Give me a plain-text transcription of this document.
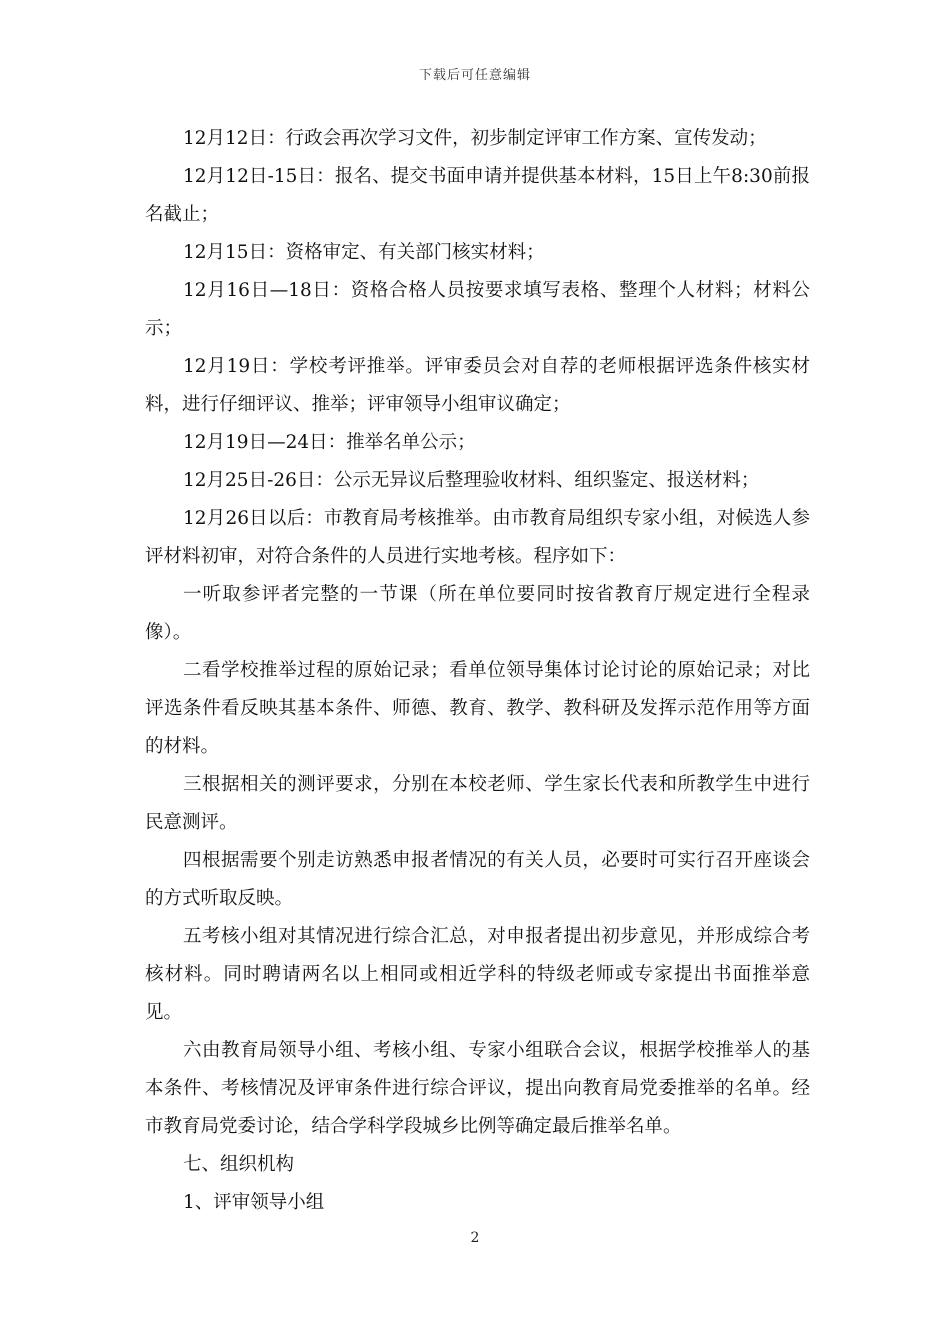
下载后可任意编辑

12月12日：行政会再次学习文件，初步制定评审工作方案、宣传发动；

12月12日-15日：报名、提交书面申请并提供基本材料，15日上午8:30前报名截止；

12月15日：资格审定、有关部门核实材料；

12月16日—18日：资格合格人员按要求填写表格、整理个人材料；材料公示；

12月19日：学校考评推举。评审委员会对自荐的老师根据评选条件核实材料，进行仔细评议、推举；评审领导小组审议确定；

12月19日—24日：推举名单公示；

12月25日-26日：公示无异议后整理验收材料、组织鉴定、报送材料；

12月26日以后：市教育局考核推举。由市教育局组织专家小组，对候选人参评材料初审，对符合条件的人员进行实地考核。程序如下：

一听取参评者完整的一节课（所在单位要同时按省教育厅规定进行全程录像）。

二看学校推举过程的原始记录；看单位领导集体讨论讨论的原始记录；对比评选条件看反映其基本条件、师德、教育、教学、教科研及发挥示范作用等方面的材料。

三根据相关的测评要求，分别在本校老师、学生家长代表和所教学生中进行民意测评。

四根据需要个别走访熟悉申报者情况的有关人员，必要时可实行召开座谈会的方式听取反映。

五考核小组对其情况进行综合汇总，对申报者提出初步意见，并形成综合考核材料。同时聘请两名以上相同或相近学科的特级老师或专家提出书面推举意见。

六由教育局领导小组、考核小组、专家小组联合会议，根据学校推举人的基本条件、考核情况及评审条件进行综合评议，提出向教育局党委推举的名单。经市教育局党委讨论，结合学科学段城乡比例等确定最后推举名单。

七、组织机构

1、评审领导小组

2
